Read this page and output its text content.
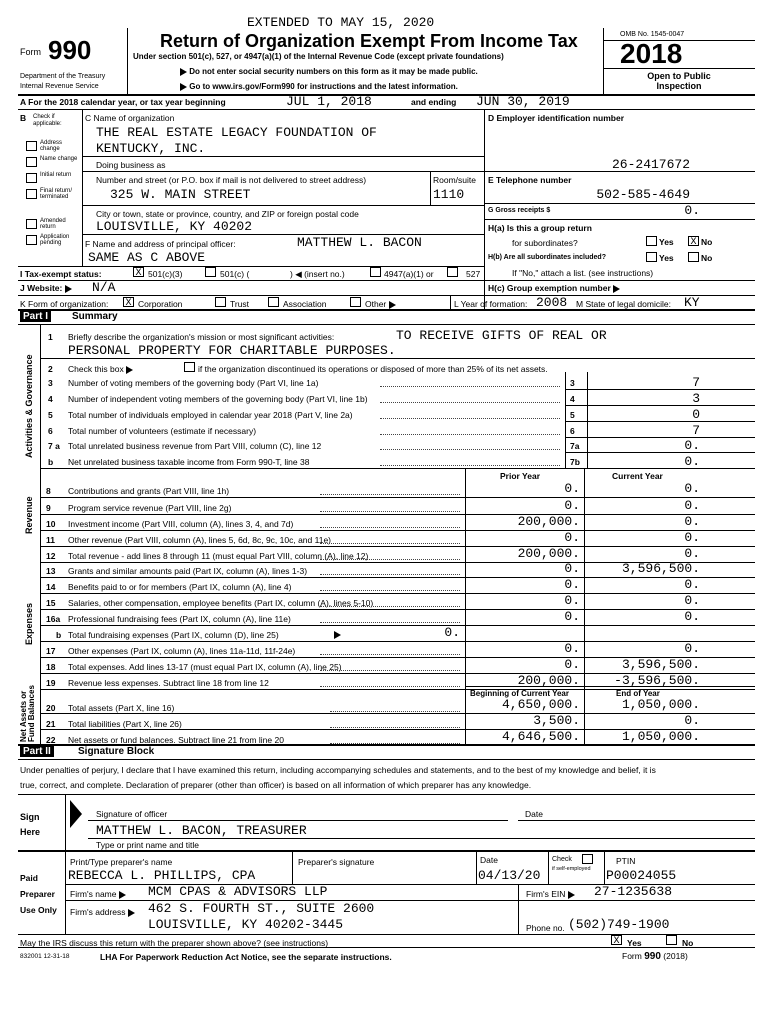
EXTENDED TO MAY 15, 2020
Form 990
Department of the Treasury
Internal Revenue Service
Return of Organization Exempt From Income Tax
Under section 501(c), 527, or 4947(a)(1) of the Internal Revenue Code (except private foundations)
Do not enter social security numbers on this form as it may be made public.
Go to www.irs.gov/Form990 for instructions and the latest information.
OMB No. 1545-0047
2018
Open to Public
Inspection
A For the 2018 calendar year, or tax year beginning	JUL 1, 2018	and ending JUN 30, 2019
B Check if applicable:
Address change
Name change
Initial return
Final return/ terminated
Amended return
Application pending
C Name of organization
THE REAL ESTATE LEGACY FOUNDATION OF
KENTUCKY, INC.
Doing business as
Number and street (or P.O. box if mail is not delivered to street address)	Room/suite
325 W. MAIN STREET	1110
City or town, state or province, country, and ZIP or foreign postal code
LOUISVILLE, KY 40202
F Name and address of principal officer:	MATTHEW L. BACON
SAME AS C ABOVE
D Employer identification number
26-2417672
E Telephone number
502-585-4649
G Gross receipts $	0.
H(a) Is this a group return
for subordinates?	Yes X No
H(b) Are all subordinates included?	Yes	No
If "No," attach a list. (see instructions)
I Tax-exempt status:	X 501(c)(3)	501(c) (	) ◀ (insert no.)	4947(a)(1) or	527
J Website:	N/A	H(c) Group exemption number
K Form of organization: X Corporation	Trust	Association	Other	L Year of formation: 2008 M State of legal domicile: KY
Part I	Summary
Activities & Governance
Revenue
Expenses
Net Assets or Fund Balances
1 Briefly describe the organization's mission or most significant activities:	TO RECEIVE GIFTS OF REAL OR
PERSONAL PROPERTY FOR CHARITABLE PURPOSES.
2 Check this box	if the organization discontinued its operations or disposed of more than 25% of its net assets.
3 Number of voting members of the governing body (Part VI, line 1a)	3	7
4 Number of independent voting members of the governing body (Part VI, line 1b)	4	3
5 Total number of individuals employed in calendar year 2018 (Part V, line 2a)	5	0
6 Total number of volunteers (estimate if necessary)	6	7
7 a Total unrelated business revenue from Part VIII, column (C), line 12	7a	0.
b Net unrelated business taxable income from Form 990-T, line 38	7b	0.
Prior Year	Current Year
8 Contributions and grants (Part VIII, line 1h)	0.	0.
9 Program service revenue (Part VIII, line 2g)	0.	0.
10 Investment income (Part VIII, column (A), lines 3, 4, and 7d)	200,000.	0.
11 Other revenue (Part VIII, column (A), lines 5, 6d, 8c, 9c, 10c, and 11e)	0.	0.
12 Total revenue - add lines 8 through 11 (must equal Part VIII, column (A), line 12)	200,000.	0.
13 Grants and similar amounts paid (Part IX, column (A), lines 1-3)	0.	3,596,500.
14 Benefits paid to or for members (Part IX, column (A), line 4)	0.	0.
15 Salaries, other compensation, employee benefits (Part IX, column (A), lines 5-10)	0.	0.
16a Professional fundraising fees (Part IX, column (A), line 11e)	0.	0.
b Total fundraising expenses (Part IX, column (D), line 25)	0.
17 Other expenses (Part IX, column (A), lines 11a-11d, 11f-24e)	0.	0.
18 Total expenses. Add lines 13-17 (must equal Part IX, column (A), line 25)	0.	3,596,500.
19 Revenue less expenses. Subtract line 18 from line 12	200,000.	-3,596,500.
Beginning of Current Year	End of Year
20 Total assets (Part X, line 16)	4,650,000.	1,050,000.
21 Total liabilities (Part X, line 26)	3,500.	0.
22 Net assets or fund balances. Subtract line 21 from line 20	4,646,500.	1,050,000.
Part II	Signature Block
Under penalties of perjury, I declare that I have examined this return, including accompanying schedules and statements, and to the best of my knowledge and belief, it is
true, correct, and complete. Declaration of preparer (other than officer) is based on all information of which preparer has any knowledge.
Sign
Here
Signature of officer	Date
MATTHEW L. BACON, TREASURER
Type or print name and title
Paid
Preparer
Use Only
Print/Type preparer's name	Preparer's signature	Date	Check
if self-employed
PTIN
REBECCA L. PHILLIPS, CPA	04/13/20	P00024055
Firm's name	MCM CPAS & ADVISORS LLP	Firm's EIN	27-1235638
Firm's address	462 S. FOURTH ST., SUITE 2600
LOUISVILLE, KY 40202-3445	Phone no. (502)749-1900
May the IRS discuss this return with the preparer shown above? (see instructions)	X Yes	No
832001 12-31-18	LHA For Paperwork Reduction Act Notice, see the separate instructions.	Form 990 (2018)
